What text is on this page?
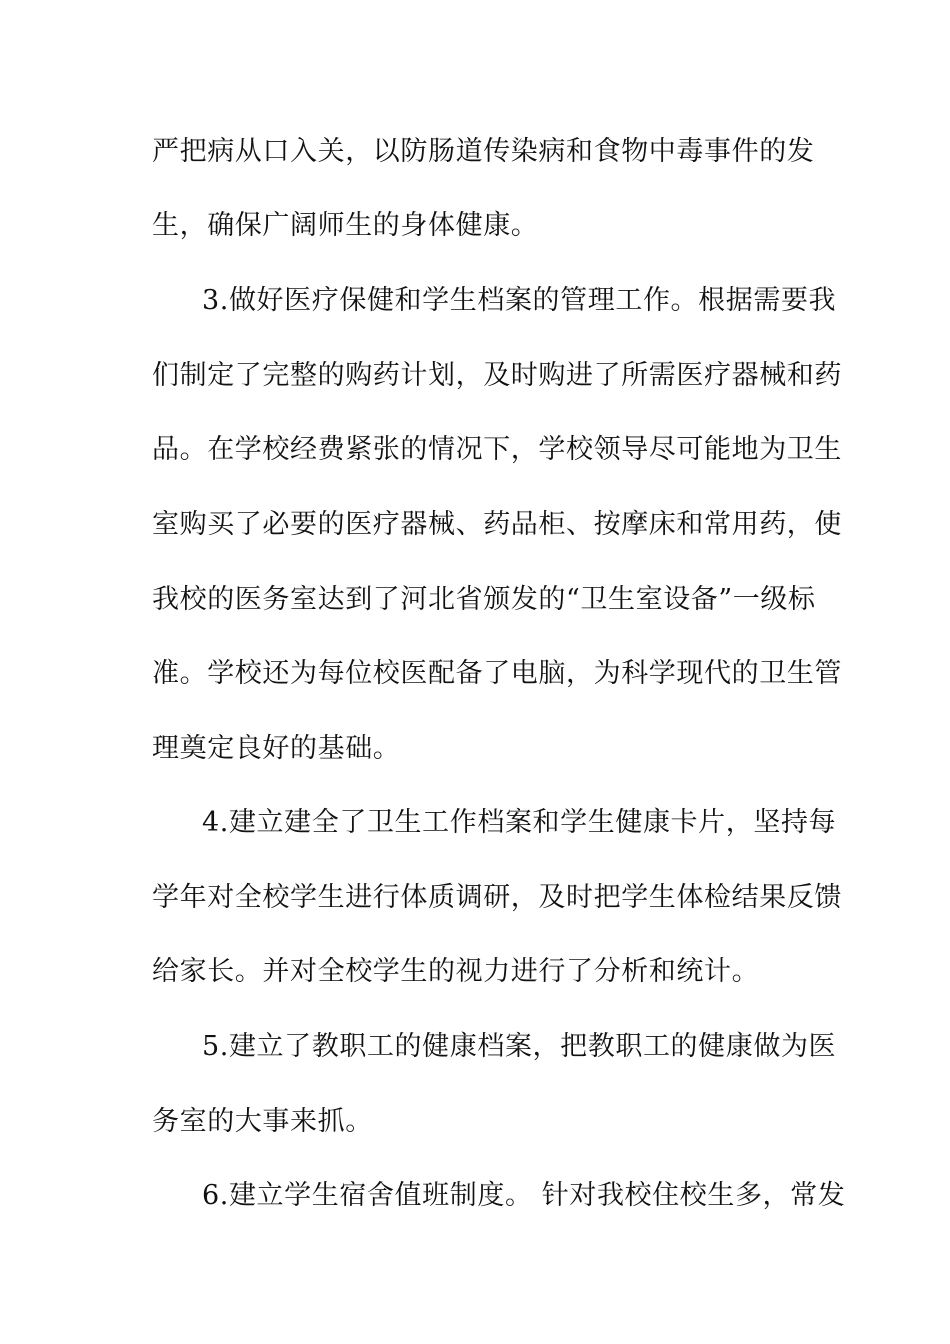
严把病从口入关，以防肠道传染病和食物中毒事件的发
生，确保广阔师生的身体健康。
3.做好医疗保健和学生档案的管理工作。根据需要我
们制定了完整的购药计划，及时购进了所需医疗器械和药
品。在学校经费紧张的情况下，学校领导尽可能地为卫生
室购买了必要的医疗器械、药品柜、按摩床和常用药，使
我校的医务室达到了河北省颁发的“卫生室设备”一级标
准。学校还为每位校医配备了电脑，为科学现代的卫生管
理奠定良好的基础。
4.建立建全了卫生工作档案和学生健康卡片，坚持每
学年对全校学生进行体质调研，及时把学生体检结果反馈
给家长。并对全校学生的视力进行了分析和统计。
5.建立了教职工的健康档案，把教职工的健康做为医
务室的大事来抓。
6.建立学生宿舍值班制度。 针对我校住校生多，常发
